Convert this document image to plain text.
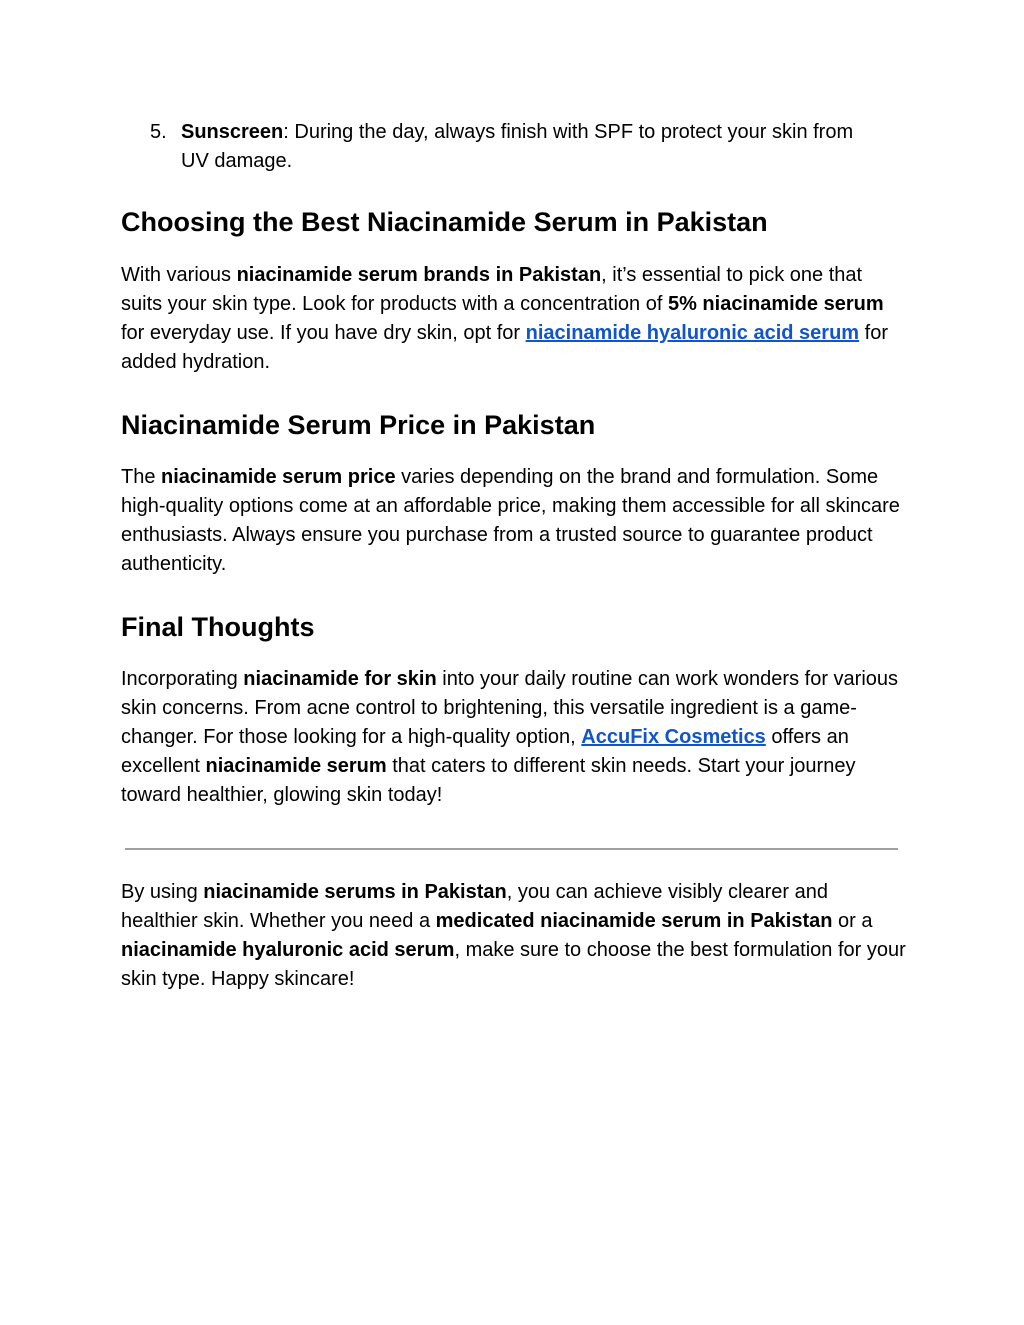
5. Sunscreen: During the day, always finish with SPF to protect your skin from UV damage.
Choosing the Best Niacinamide Serum in Pakistan

With various niacinamide serum brands in Pakistan, it’s essential to pick one that suits your skin type. Look for products with a concentration of 5% niacinamide serum for everyday use. If you have dry skin, opt for niacinamide hyaluronic acid serum for added hydration.

Niacinamide Serum Price in Pakistan

The niacinamide serum price varies depending on the brand and formulation. Some high-quality options come at an affordable price, making them accessible for all skincare enthusiasts. Always ensure you purchase from a trusted source to guarantee product authenticity.

Final Thoughts

Incorporating niacinamide for skin into your daily routine can work wonders for various skin concerns. From acne control to brightening, this versatile ingredient is a game-changer. For those looking for a high-quality option, AccuFix Cosmetics offers an excellent niacinamide serum that caters to different skin needs. Start your journey toward healthier, glowing skin today!

By using niacinamide serums in Pakistan, you can achieve visibly clearer and healthier skin. Whether you need a medicated niacinamide serum in Pakistan or a niacinamide hyaluronic acid serum, make sure to choose the best formulation for your skin type. Happy skincare!
